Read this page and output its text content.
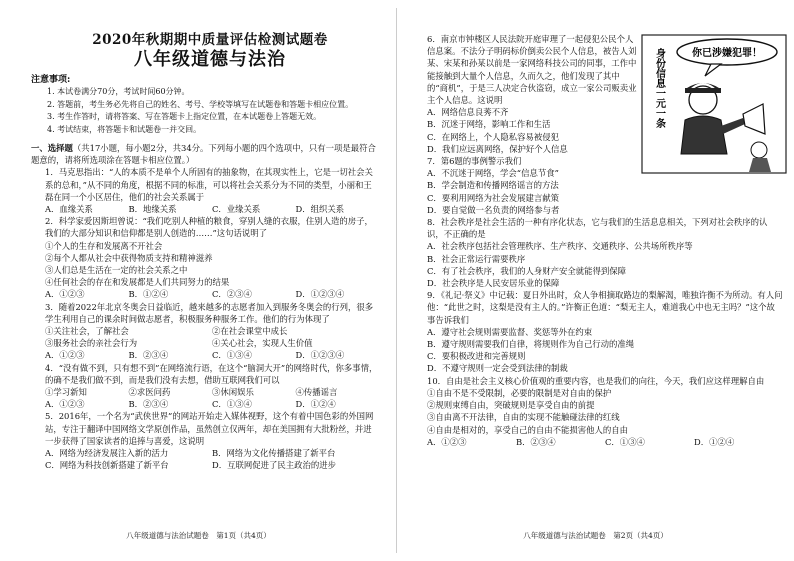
2020年秋期期中质量评估检测试题卷
八年级道德与法治
注意事项:

1. 本试卷满分70分，考试时间60分钟。

2. 答题前，考生务必先将自己的姓名、考号、学校等填写在试题卷和答题卡相应位置。

3. 考生作答时，请将答案、写在答题卡上指定位置，在本试题卷上答题无效。

4. 考试结束，将答题卡和试题卷一并交回。

一、选择题（共17小题，每小题2分，共34分。下列每小题的四个选项中，只有一项是最符合题意的，请将所选项涂在答题卡相应位置。）

1．马克思指出：“人的本质不是单个人所固有的抽象物，在其现实性上，它是一切社会关系的总和，”从不同的角度，根据不同的标准，可以将社会关系分为不同的类型，小丽和王磊在同一个小区居住，他们的社会关系属于

A．血缘关系	B．地缘关系	C．业缘关系	D．组织关系

2．科学家爱因斯坦曾说：“我们吃别人种植的粮食，穿别人缝的衣服，住别人造的房子，我们的大部分知识和信仰都是别人创造的……”这句话说明了

①个人的生存和发展离不开社会

②每个人都从社会中获得物质支持和精神滋养

③人们总是生活在一定的社会关系之中

④任何社会的存在和发展都是人们共同努力的结果

A．①②③	B．①②④	C．②③④	D．①②③④

3．随着2022年北京冬奥会日益临近，越来越多的志愿者加入到服务冬奥会的行列，很多学生利用自己的课余时间做志愿者，积极服务种服务工作。他们的行为体现了

①关注社会，了解社会	②在社会课堂中成长
③服务社会的亲社会行为	④关心社会，实现人生价值
A．①②③	B．②③④	C．①③④	D．①②③④

4．“没有做不到，只有想不到”在网络流行语，在这个“脑洞大开”的网络时代，你多事情，的确不是我们做不到，而是我们没有去想，借助互联网我们可以

①学习新知	②求医问药	③休闲娱乐	④传播谣言
A．①②③	B．②③④	C．①③④	D．①②④

5．2016年，一个名为“武侠世界”的网站开始走入媒体视野，这个有着中国色彩的外国网站，专注于翻译中国网络文学原创作品，虽然创立仅两年，却在美国拥有大批粉丝，并进一步获得了国家读者的追捧与喜爱，这说明

A．网络为经济发展注入新的活力	B．网络为文化传播搭建了新平台
C．网络为科技创新搭建了新平台	D．互联网促进了民主政治的进步
八年级道德与法治试题卷　第1页（共4页）

6．南京市钟楼区人民法院开庭审理了一起侵犯公民个人信息案。不法分子明码标价倒卖公民个人信息，被告人刘某、宋某和孙某以前是一家网络科技公司的同事，工作中能接触到大量个人信息，久而久之，他们发现了其中的“商机”，于是三人决定合伙盗窃，成立一家公司贩卖业主个人信息。这说明

A．网络信息良莠不齐

B．沉迷于网络，影响工作和生活

C．在网络上，个人隐私容易被侵犯

D．我们应远离网络，保护好个人信息

7．第6题的事例警示我们

A．不沉迷于网络，学会“信息节食”

B．学会制造和传播网络谣言的方法

C．要利用网络为社会发展建言献策

D．要自觉做一名负责的网络参与者

8．社会秩序是社会生活的一种有序化状态，它与我们的生活息息相关，下列对社会秩序的认识，不正确的是

A．社会秩序包括社会管理秩序、生产秩序、交通秩序、公共场所秩序等

B．社会正常运行需要秩序

C．有了社会秩序，我们的人身财产安全就能得到保障

D．社会秩序是人民安居乐业的保障

9．《礼记·祭义》中记载：夏日外出时，众人争相摘取路边的梨解渴，唯独许衡不为所动。有人问他：“此世之时，这梨是没有主人的。”许衡正色道：“梨无主人，难道我心中也无主吗？”这个故事告诉我们

A．遵守社会规则需要监督、奖惩等外在约束

B．遵守规则需要我们自律，将规则作为自己行动的准绳

C．要积极改进和完善规则

D．不遵守规则一定会受到法律的制裁

10．自由是社会主义核心价值观的重要内容，也是我们的向往，今天，我们应这样理解自由

①自由不是不受限制，必要的限制是对自由的保护

②规则束缚自由，突破规则是享受自由的前提

③自由离不开法律，自由的实现不能触碰法律的红线

④自由是相对的，享受自己的自由不能损害他人的自由

A．①②③	B．②③④	C．①③④	D．①②④
你已涉嫌犯罪！
身份信息一元一条
八年级道德与法治试题卷　第2页（共4页）
